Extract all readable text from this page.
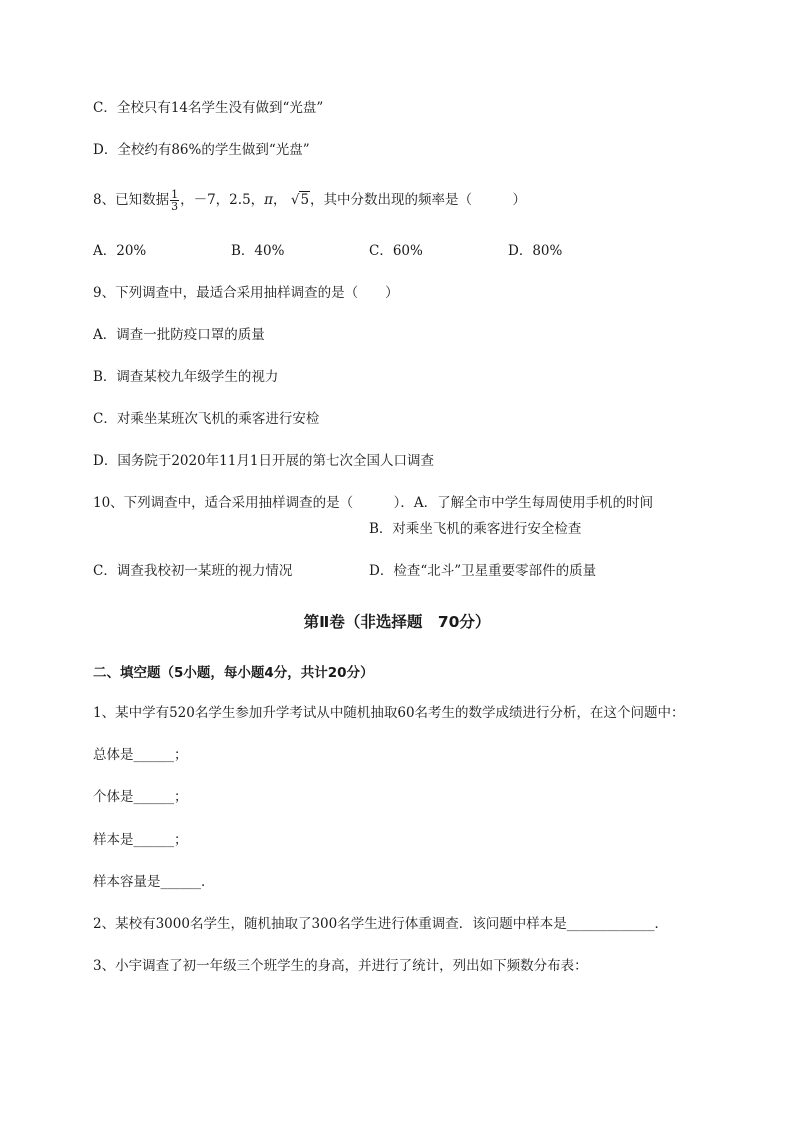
C．全校只有14名学生没有做到“光盘”
D．全校约有86%的学生做到“光盘”
8、已知数据 $\frac{1}{3}$ ，－7，2.5，π， √5，其中分数出现的频率是（　　　）
A．20%	B．40%	C．60%	D．80%
9、下列调查中，最适合采用抽样调查的是（　　）
A．调查一批防疫口罩的质量
B．调查某校九年级学生的视力
C．对乘坐某班次飞机的乘客进行安检
D．国务院于2020年11月1日开展的第七次全国人口调查
10、下列调查中，适合采用抽样调查的是（　　　）．A．了解全市中学生每周使用手机的时间
B．对乘坐飞机的乘客进行安全检查
C．调查我校初一某班的视力情况	D．检查“北斗”卫星重要零部件的质量
第Ⅱ卷（非选择题　70分）
二、填空题（5小题，每小题4分，共计20分）
1、某中学有520名学生参加升学考试从中随机抽取60名考生的数学成绩进行分析，在这个问题中：
总体是______；
个体是______；
样本是______；
样本容量是______．
2、某校有3000名学生，随机抽取了300名学生进行体重调查．该问题中样本是_____________．
3、小宇调查了初一年级三个班学生的身高，并进行了统计，列出如下频数分布表：
